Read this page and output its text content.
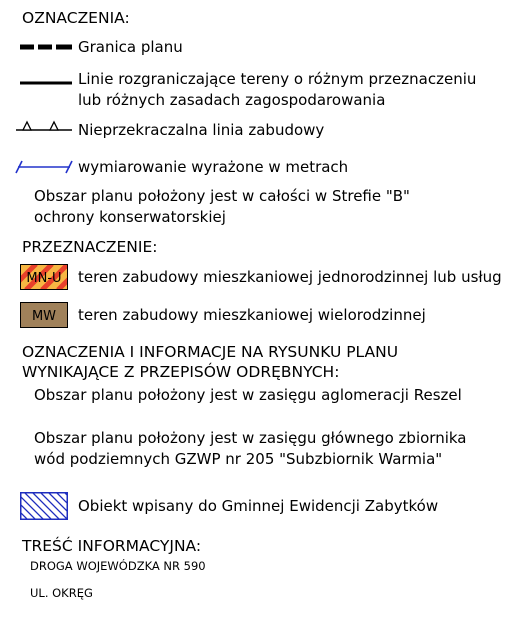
OZNACZENIA:
Granica planu
Linie rozgraniczające tereny o różnym przeznaczeniu
lub różnych zasadach zagospodarowania
Nieprzekraczalna linia zabudowy
wymiarowanie wyrażone w metrach
Obszar planu położony jest w całości w Strefie "B"
ochrony konserwatorskiej
PRZEZNACZENIE:
MN-U teren zabudowy mieszkaniowej jednorodzinnej lub usług
MW teren zabudowy mieszkaniowej wielorodzinnej
OZNACZENIA I INFORMACJE NA RYSUNKU PLANU
WYNIKAJĄCE Z PRZEPISÓW ODRĘBNYCH:
Obszar planu położony jest w zasięgu aglomeracji Reszel
Obszar planu położony jest w zasięgu głównego zbiornika
wód podziemnych GZWP nr 205 "Subzbiornik Warmia"
Obiekt wpisany do Gminnej Ewidencji Zabytków
TREŚĆ INFORMACYJNA:
DROGA WOJEWÓDZKA NR 590
UL. OKRĘG
